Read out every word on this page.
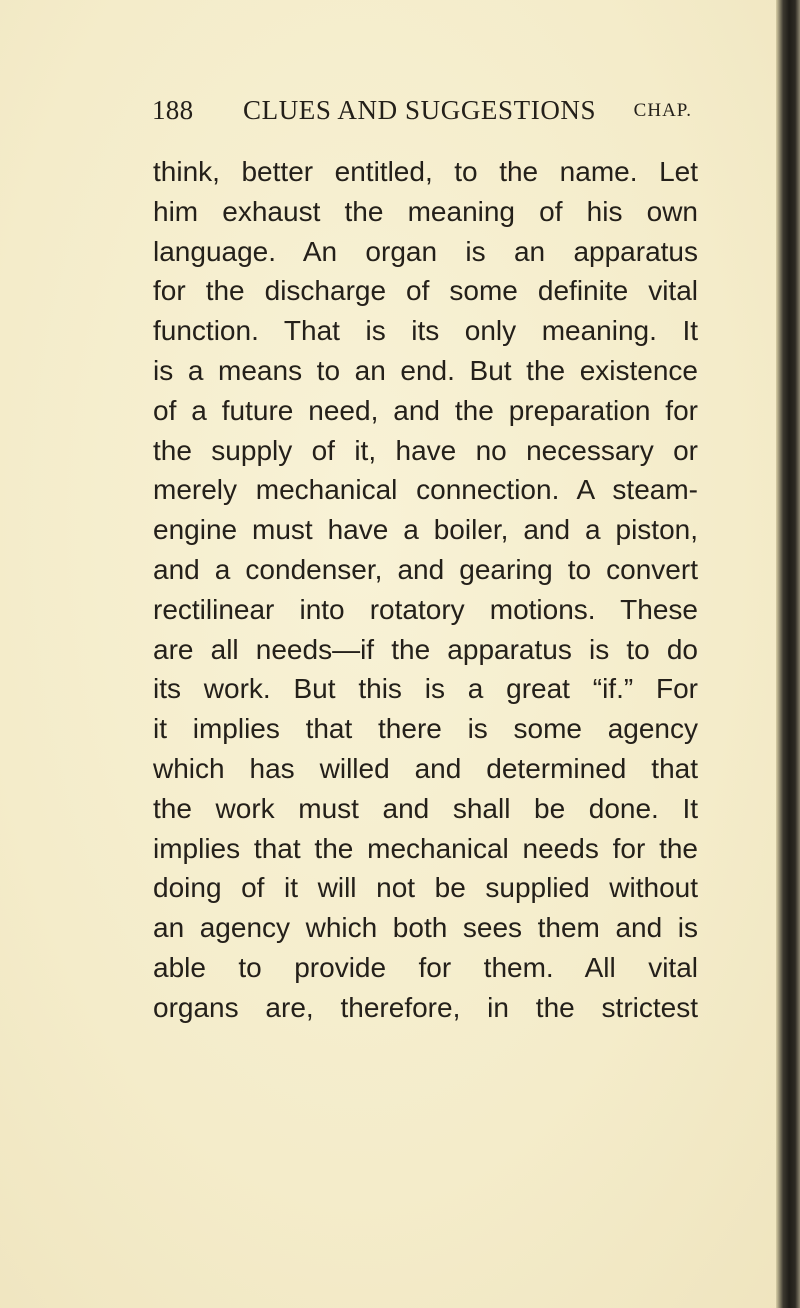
188 CLUES AND SUGGESTIONS CHAP.
think, better entitled, to the name. Let
him exhaust the meaning of his own
language. An organ is an apparatus
for the discharge of some definite vital
function. That is its only meaning. It
is a means to an end. But the existence
of a future need, and the preparation for
the supply of it, have no necessary or
merely mechanical connection. A steam-
engine must have a boiler, and a piston,
and a condenser, and gearing to convert
rectilinear into rotatory motions. These
are all needs—if the apparatus is to do
its work. But this is a great “if.” For
it implies that there is some agency
which has willed and determined that
the work must and shall be done. It
implies that the mechanical needs for the
doing of it will not be supplied without
an agency which both sees them and is
able to provide for them. All vital
organs are, therefore, in the strictest
